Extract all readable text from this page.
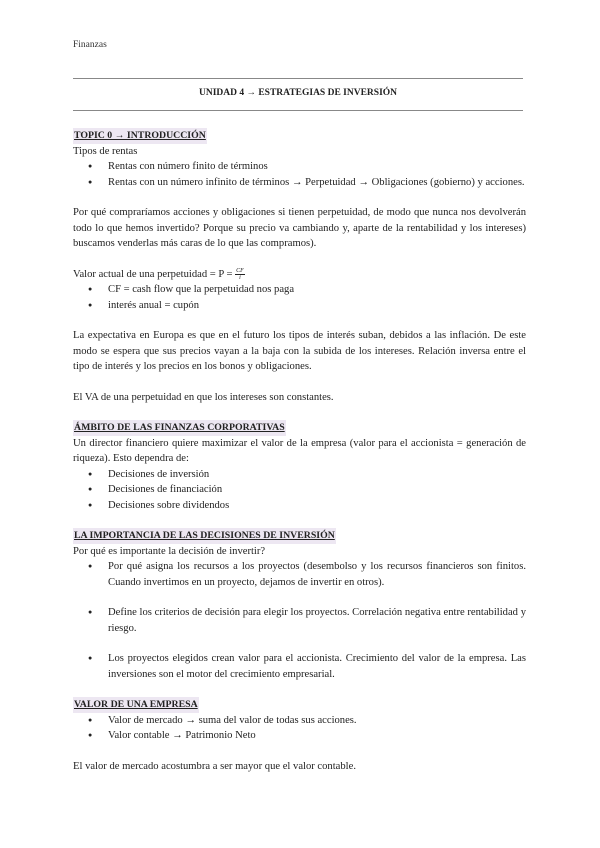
Finanzas
UNIDAD 4 → ESTRATEGIAS DE INVERSIÓN

TOPIC 0 → INTRODUCCIÓN

Tipos de rentas

● Rentas con número finito de términos
● Rentas con un número infinito de términos → Perpetuidad → Obligaciones (gobierno) y acciones.

Por qué compraríamos acciones y obligaciones si tienen perpetuidad, de modo que nunca nos devolverán todo lo que hemos invertido? Porque su precio va cambiando y, aparte de la rentabilidad y los intereses) buscamos venderlas más caras de lo que las compramos).

Valor actual de una perpetuidad = $P = \frac{CF}{i}$

● CF = cash flow que la perpetuidad nos paga
● interés anual = cupón

La expectativa en Europa es que en el futuro los tipos de interés suban, debidos a las inflación. De este modo se espera que sus precios vayan a la baja con la subida de los intereses. Relación inversa entre el tipo de interés y los precios en los bonos y obligaciones.

El VA de una perpetuidad en que los intereses son constantes.

ÁMBITO DE LAS FINANZAS CORPORATIVAS

Un director financiero quiere maximizar el valor de la empresa (valor para el accionista = generación de riqueza). Esto dependra de:

● Decisiones de inversión
● Decisiones de financiación
● Decisiones sobre dividendos

LA IMPORTANCIA DE LAS DECISIONES DE INVERSIÓN

Por qué es importante la decisión de invertir?

● Por qué asigna los recursos a los proyectos (desembolso y los recursos financieros son finitos. Cuando invertimos en un proyecto, dejamos de invertir en otros).
● Define los criterios de decisión para elegir los proyectos. Correlación negativa entre rentabilidad y riesgo.
● Los proyectos elegidos crean valor para el accionista. Crecimiento del valor de la empresa. Las inversiones son el motor del crecimiento empresarial.

VALOR DE UNA EMPRESA

● Valor de mercado → suma del valor de todas sus acciones.
● Valor contable → Patrimonio Neto

El valor de mercado acostumbra a ser mayor que el valor contable.
